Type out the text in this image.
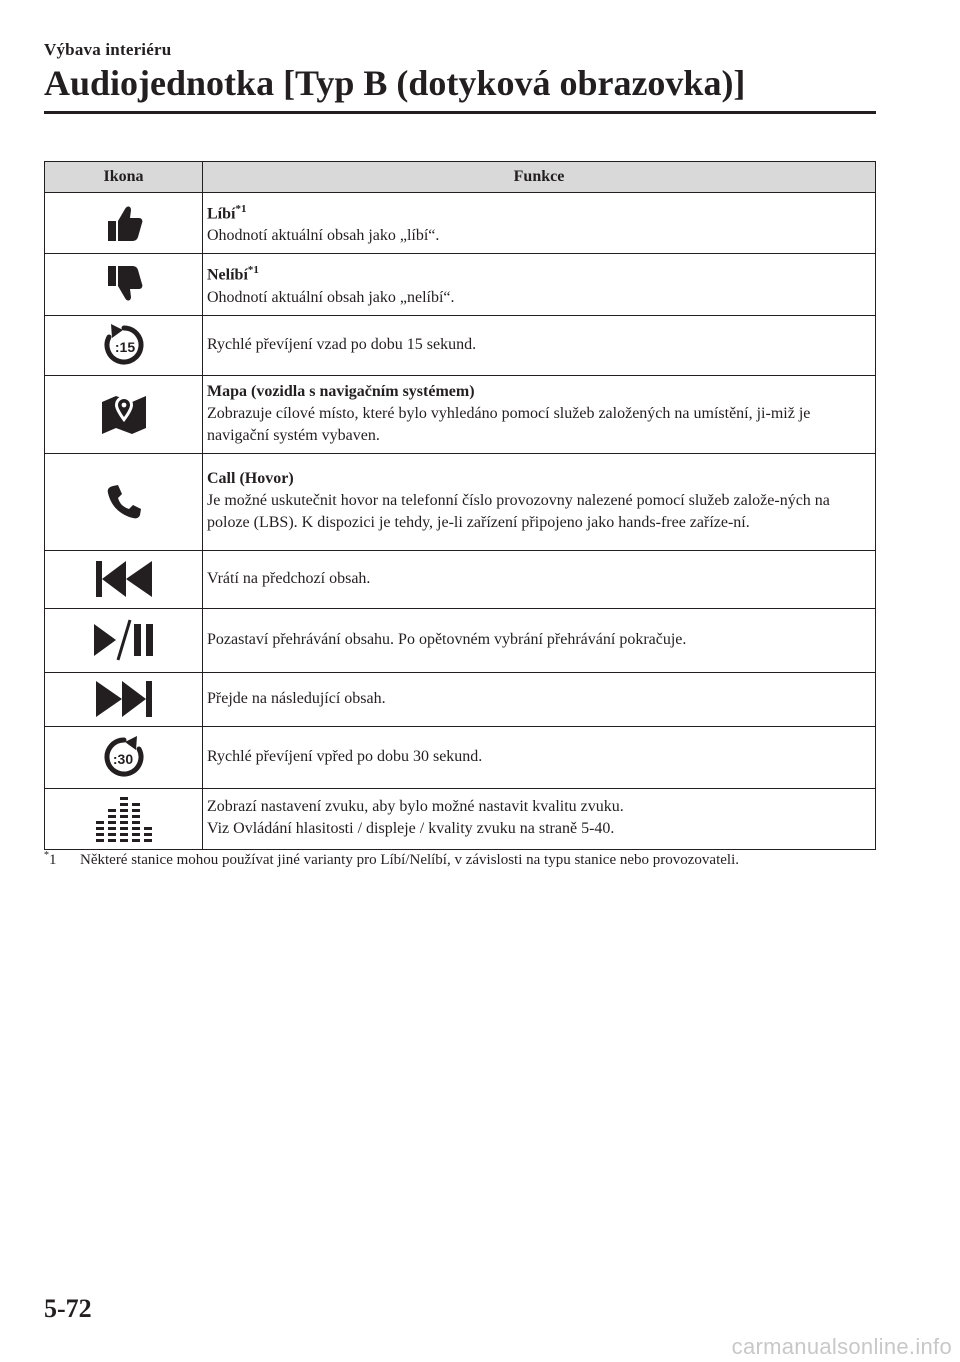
Výbava interiéru
Audiojednotka [Typ B (dotyková obrazovka)]
Ikona	Funkce

Líbí$^{*1}$
Ohodnotí aktuální obsah jako „líbí“.

Nelíbí$^{*1}$
Ohodnotí aktuální obsah jako „nelíbí“.

:15	Rychlé převíjení vzad po dobu 15 sekund.

Mapa (vozidla s navigačním systémem)
Zobrazuje cílové místo, které bylo vyhledáno pomocí služeb založených na umístění, ji-miž je navigační systém vybaven.

Call (Hovor)
Je možné uskutečnit hovor na telefonní číslo provozovny nalezené pomocí služeb založe-ných na poloze (LBS). K dispozici je tehdy, je-li zařízení připojeno jako hands-free zaříze-ní.

Vrátí na předchozí obsah.

Pozastaví přehrávání obsahu. Po opětovném vybrání přehrávání pokračuje.

Přejde na následující obsah.

:30	Rychlé převíjení vpřed po dobu 30 sekund.

Zobrazí nastavení zvuku, aby bylo možné nastavit kvalitu zvuku.
Viz Ovládání hlasitosti / displeje / kvality zvuku na straně 5-40.
*1 Některé stanice mohou používat jiné varianty pro Líbí/Nelíbí, v závislosti na typu stanice nebo provozovateli.
5-72
carmanualsonline.info
